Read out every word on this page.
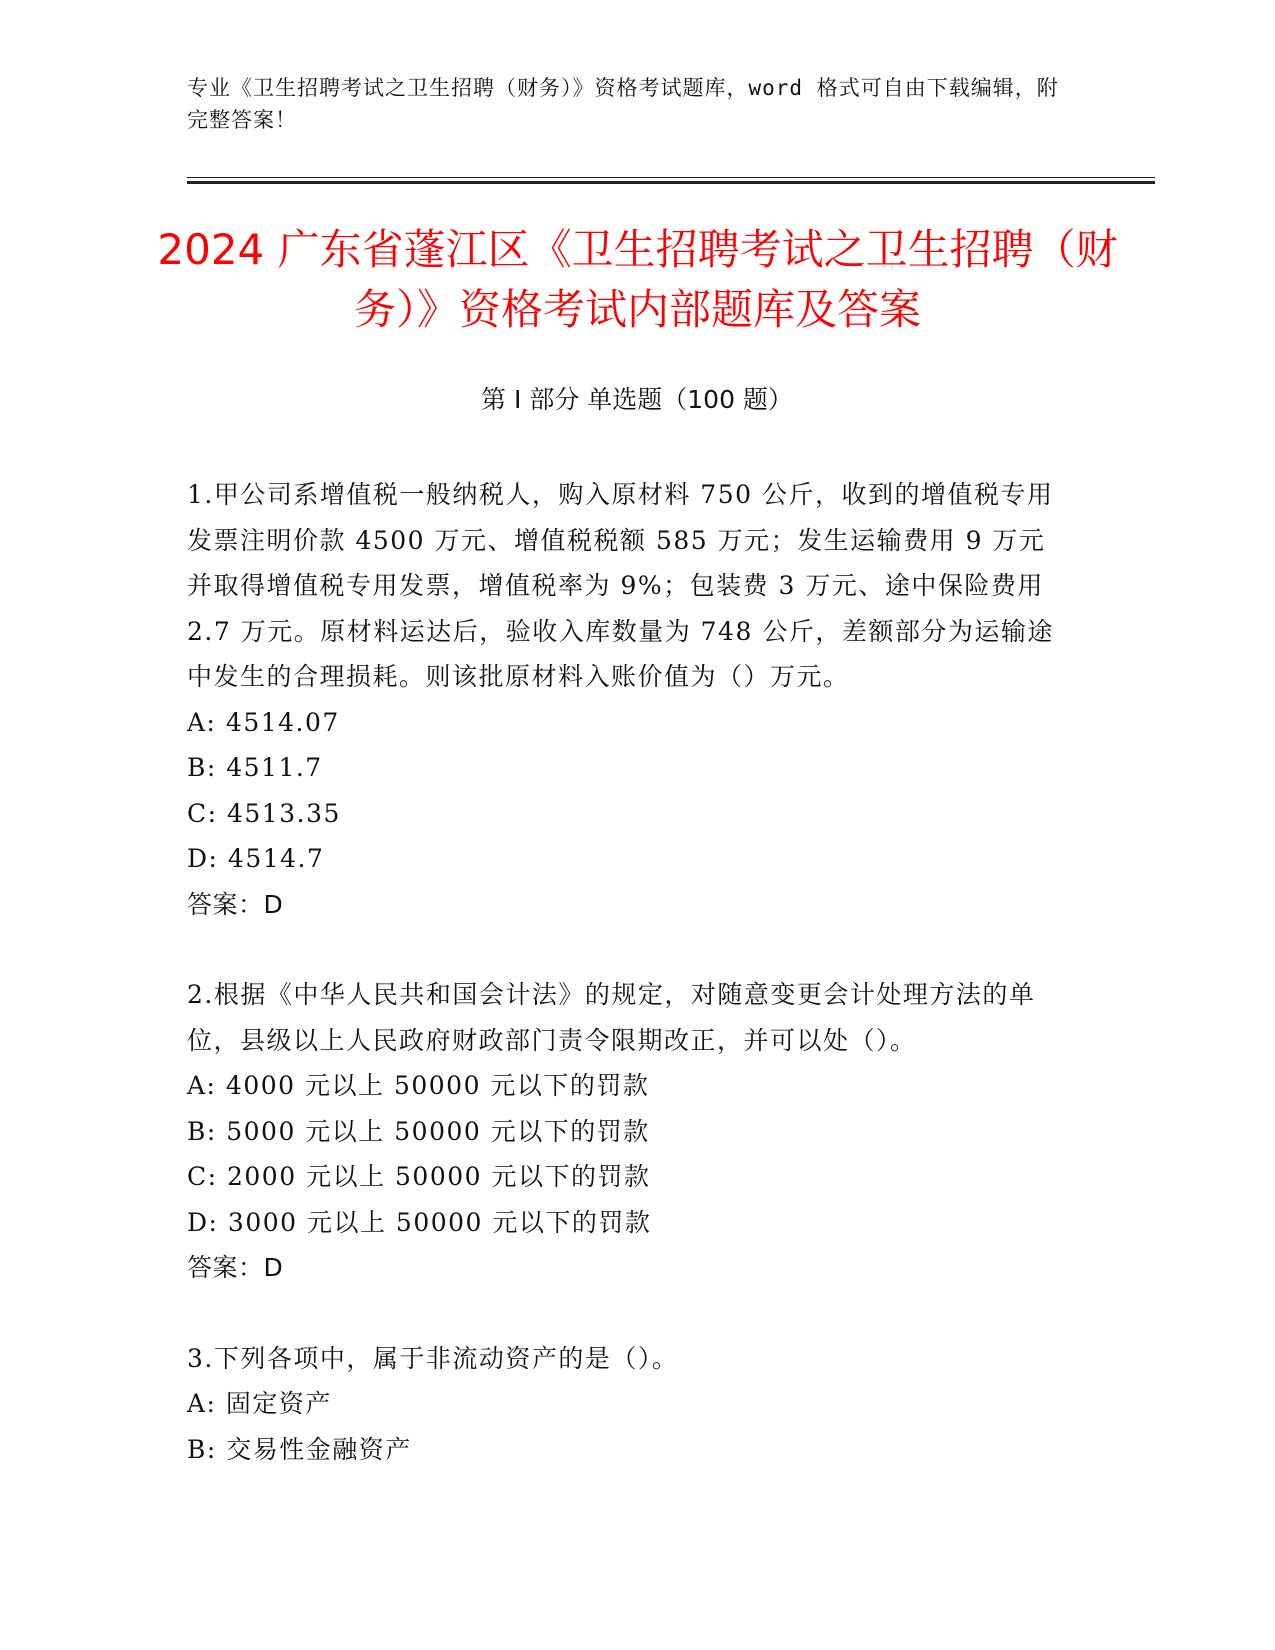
专业《卫生招聘考试之卫生招聘（财务）》资格考试题库，word 格式可自由下载编辑，附完整答案！
2024 广东省蓬江区《卫生招聘考试之卫生招聘（财务）》资格考试内部题库及答案
第 I 部分 单选题（100 题）

1.甲公司系增值税一般纳税人，购入原材料 750 公斤，收到的增值税专用发票注明价款 4500 万元、增值税税额 585 万元；发生运输费用 9 万元并取得增值税专用发票，增值税率为 9%；包装费 3 万元、途中保险费用 2.7 万元。原材料运达后，验收入库数量为 748 公斤，差额部分为运输途中发生的合理损耗。则该批原材料入账价值为（）万元。

A: 4514.07

B: 4511.7

C: 4513.35

D: 4514.7

答案：D

2.根据《中华人民共和国会计法》的规定，对随意变更会计处理方法的单位，县级以上人民政府财政部门责令限期改正，并可以处（）。

A: 4000 元以上 50000 元以下的罚款

B: 5000 元以上 50000 元以下的罚款

C: 2000 元以上 50000 元以下的罚款

D: 3000 元以上 50000 元以下的罚款

答案：D

3.下列各项中，属于非流动资产的是（）。

A: 固定资产

B: 交易性金融资产
